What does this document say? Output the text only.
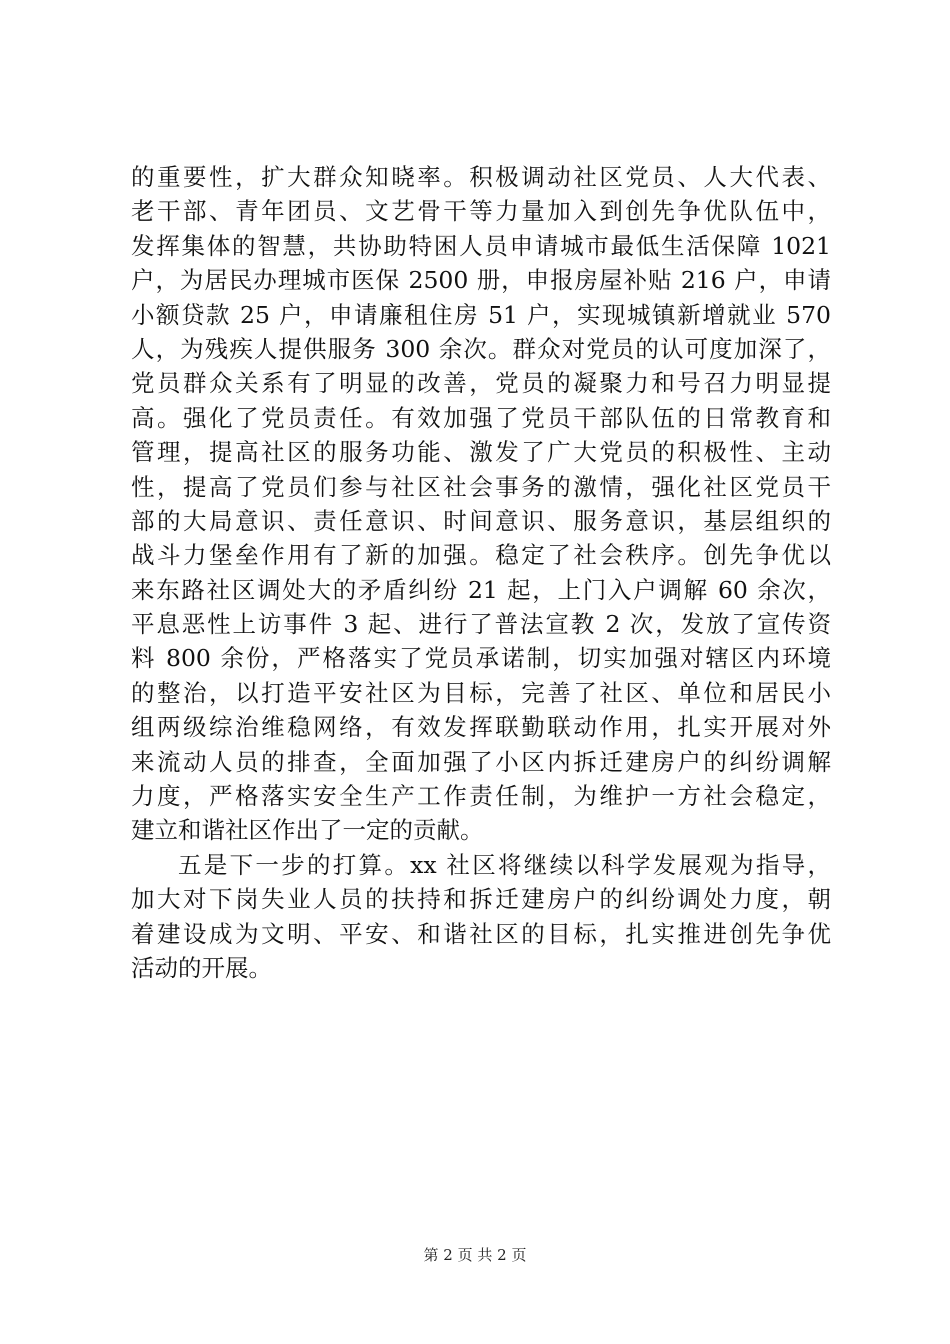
的重要性，扩大群众知晓率。积极调动社区党员、人大代表、
老干部、青年团员、文艺骨干等力量加入到创先争优队伍中，
发挥集体的智慧，共协助特困人员申请城市最低生活保障 1021
户，为居民办理城市医保 2500 册，申报房屋补贴 216 户，申请
小额贷款 25 户，申请廉租住房 51 户，实现城镇新增就业 570
人，为残疾人提供服务 300 余次。群众对党员的认可度加深了，
党员群众关系有了明显的改善，党员的凝聚力和号召力明显提
高。强化了党员责任。有效加强了党员干部队伍的日常教育和
管理，提高社区的服务功能、激发了广大党员的积极性、主动
性，提高了党员们参与社区社会事务的激情，强化社区党员干
部的大局意识、责任意识、时间意识、服务意识，基层组织的
战斗力堡垒作用有了新的加强。稳定了社会秩序。创先争优以
来东路社区调处大的矛盾纠纷 21 起，上门入户调解 60 余次，
平息恶性上访事件 3 起、进行了普法宣教 2 次，发放了宣传资
料 800 余份，严格落实了党员承诺制，切实加强对辖区内环境
的整治，以打造平安社区为目标，完善了社区、单位和居民小
组两级综治维稳网络，有效发挥联勤联动作用，扎实开展对外
来流动人员的排查，全面加强了小区内拆迁建房户的纠纷调解
力度，严格落实安全生产工作责任制，为维护一方社会稳定，
建立和谐社区作出了一定的贡献。
五是下一步的打算。xx 社区将继续以科学发展观为指导，
加大对下岗失业人员的扶持和拆迁建房户的纠纷调处力度，朝
着建设成为文明、平安、和谐社区的目标，扎实推进创先争优
活动的开展。
第 2 页 共 2 页
